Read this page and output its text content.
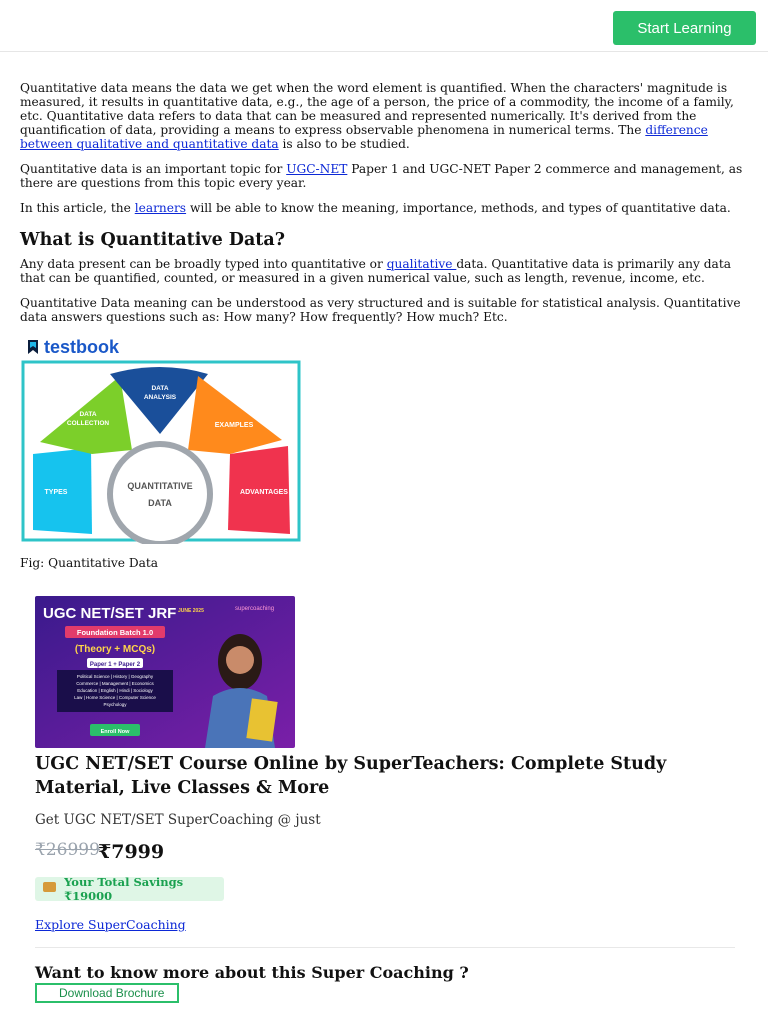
Start Learning

Quantitative data means the data we get when the word element is quantified. When the characters' magnitude is measured, it results in quantitative data, e.g., the age of a person, the price of a commodity, the income of a family, etc. Quantitative data refers to data that can be measured and represented numerically. It's derived from the quantification of data, providing a means to express observable phenomena in numerical terms. The difference between qualitative and quantitative data is also to be studied.

Quantitative data is an important topic for UGC-NET Paper 1 and UGC-NET Paper 2 commerce and management, as there are questions from this topic every year.

In this article, the learners will be able to know the meaning, importance, methods, and types of quantitative data.

What is Quantitative Data?

Any data present can be broadly typed into quantitative or qualitative data. Quantitative data is primarily any data that can be quantified, counted, or measured in a given numerical value, such as length, revenue, income, etc.

Quantitative Data meaning can be understood as very structured and is suitable for statistical analysis. Quantitative data answers questions such as: How many? How frequently? How much? Etc.

testbook
QUANTITATIVE
DATA
TYPES
DATA
COLLECTION
DATA
ANALYSIS
EXAMPLES
ADVANTAGES
Fig: Quantitative Data
UGC NET/SET JRF JUNE 2025	supercoaching
Foundation Batch 1.0
(Theory + MCQs)
Paper 1 + Paper 2
Political Science | History | Geography
Commerce | Management | Economics
Education | English | Hindi | Sociology
Law | Home Science | Computer Science
Psychology
Enroll Now
UGC NET/SET Course Online by SuperTeachers: Complete Study Material, Live Classes & More
Get UGC NET/SET SuperCoaching @ just
₹26999
₹7999
Your Total Savings ₹19000
Explore SuperCoaching
Want to know more about this Super Coaching ?
Download Brochure
